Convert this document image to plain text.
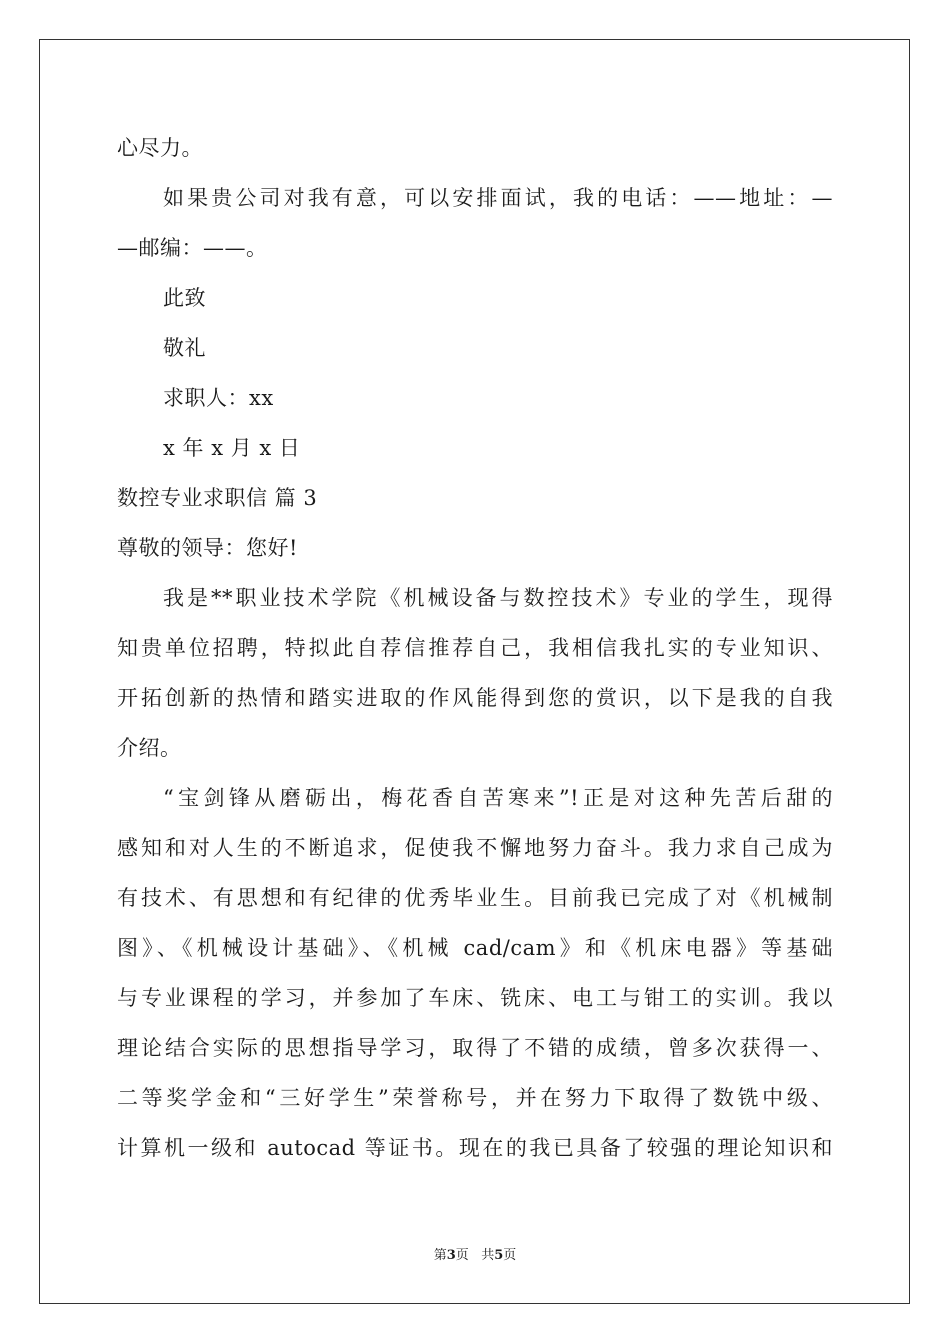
心尽力。
如果贵公司对我有意，可以安排面试，我的电话：——地址：—
—邮编：——。
此致
敬礼
求职人：xx
x 年 x 月 x 日
数控专业求职信 篇 3
尊敬的领导：您好!
我是**职业技术学院《机械设备与数控技术》专业的学生，现得
知贵单位招聘，特拟此自荐信推荐自己，我相信我扎实的专业知识、
开拓创新的热情和踏实进取的作风能得到您的赏识，以下是我的自我
介绍。
“宝剑锋从磨砺出，梅花香自苦寒来”!正是对这种先苦后甜的
感知和对人生的不断追求，促使我不懈地努力奋斗。我力求自己成为
有技术、有思想和有纪律的优秀毕业生。目前我已完成了对《机械制
图》、《机械设计基础》、《机械 cad/cam》和《机床电器》等基础
与专业课程的学习，并参加了车床、铣床、电工与钳工的实训。我以
理论结合实际的思想指导学习，取得了不错的成绩，曾多次获得一、
二等奖学金和“三好学生”荣誉称号，并在努力下取得了数铣中级、
计算机一级和 autocad 等证书。现在的我已具备了较强的理论知识和
第3页 共5页
